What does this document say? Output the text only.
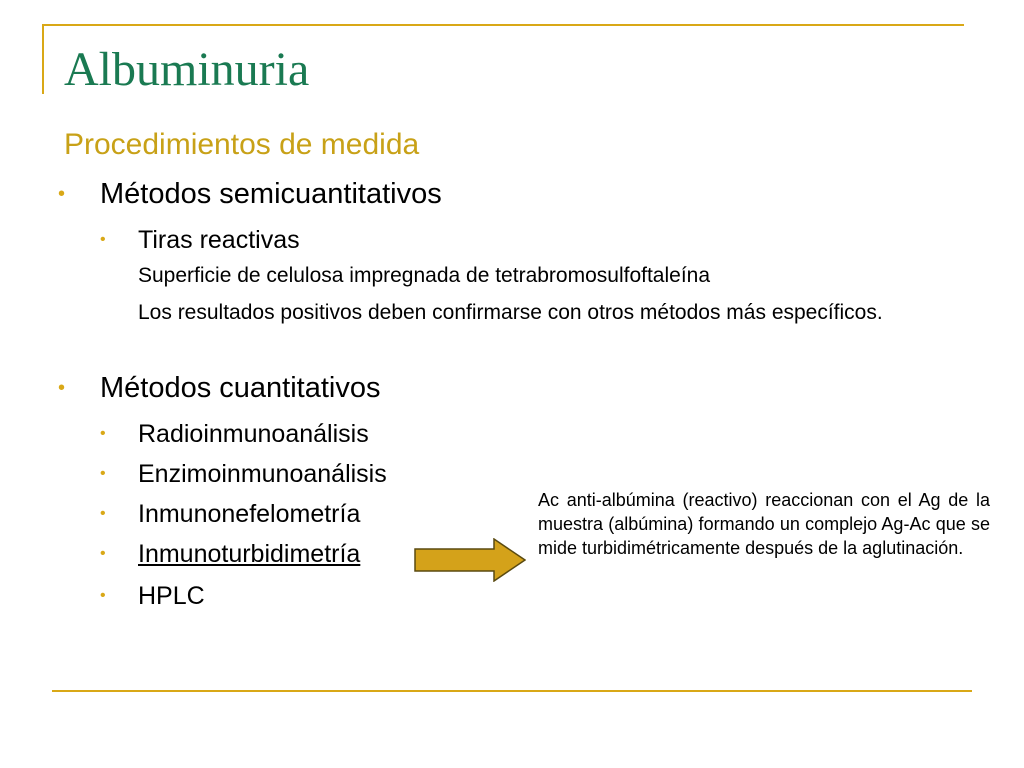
Albuminuria
Procedimientos de medida
• Métodos semicuantitativos
• Tiras reactivas
Superficie de celulosa impregnada de tetrabromosulfoftaleína
Los resultados positivos deben confirmarse con otros métodos más específicos.
• Métodos cuantitativos
• Radioinmunoanálisis
• Enzimoinmunoanálisis
• Inmunonefelometría
• Inmunoturbidimetría
• HPLC
Ac anti-albúmina (reactivo) reaccionan con el Ag de la muestra (albúmina) formando un complejo Ag-Ac que se mide turbidimétricamente después de la aglutinación.
